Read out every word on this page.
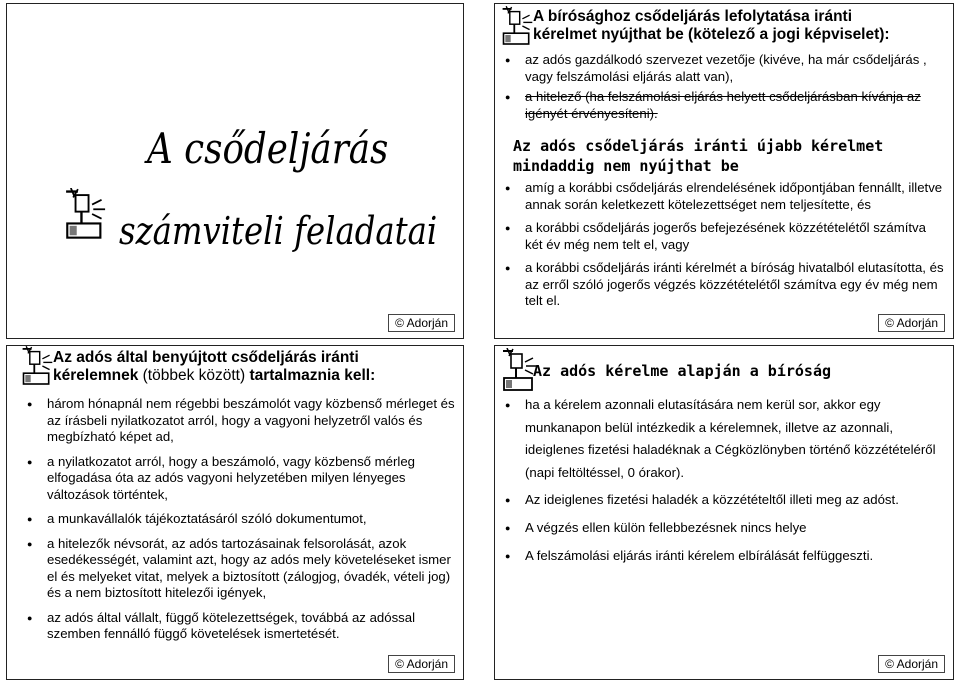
A csődeljárás
számviteli feladatai
© Adorján
A bírósághoz csődeljárás lefolytatása iránti
kérelmet nyújthat be (kötelező a jogi képviselet):
● az adós gazdálkodó szervezet vezetője (kivéve, ha már csődeljárás , vagy felszámolási eljárás alatt van),
● a hitelező (ha felszámolási eljárás helyett csődeljárásban kívánja az igényét érvényesíteni).
Az adós csődeljárás iránti újabb kérelmet
mindaddig nem nyújthat be
● amíg a korábbi csődeljárás elrendelésének időpontjában fennállt, illetve annak során keletkezett kötelezettséget nem teljesítette, és
● a korábbi csődeljárás jogerős befejezésének közzétételétől számítva két év még nem telt el, vagy
● a korábbi csődeljárás iránti kérelmét a bíróság hivatalból elutasította, és az erről szóló jogerős végzés közzétételétől számítva egy év még nem telt el.
© Adorján
Az adós által benyújtott csődeljárás iránti
kérelemnek (többek között) tartalmaznia kell:
● három hónapnál nem régebbi beszámolót vagy közbenső mérleget és az írásbeli nyilatkozatot arról, hogy a vagyoni helyzetről valós és megbízható képet ad,
● a nyilatkozatot arról, hogy a beszámoló, vagy közbenső mérleg elfogadása óta az adós vagyoni helyzetében milyen lényeges változások történtek,
● a munkavállalók tájékoztatásáról szóló dokumentumot,
● a hitelezők névsorát, az adós tartozásainak felsorolását, azok esedékességét, valamint azt, hogy az adós mely követeléseket ismer el és melyeket vitat, melyek a biztosított (zálogjog, óvadék, vételi jog) és a nem biztosított hitelezői igények,
● az adós által vállalt, függő kötelezettségek, továbbá az adóssal szemben fennálló függő követelések ismertetését.
© Adorján
Az adós kérelme alapján a bíróság
● ha a kérelem azonnali elutasítására nem kerül sor, akkor egy munkanapon belül intézkedik a kérelemnek, illetve az azonnali, ideiglenes fizetési haladéknak a Cégközlönyben történő közzétételéről (napi feltöltéssel, 0 órakor).
● Az ideiglenes fizetési haladék a közzétételtől illeti meg az adóst.
● A végzés ellen külön fellebbezésnek nincs helye
● A felszámolási eljárás iránti kérelem elbírálását felfüggeszti.
© Adorján
